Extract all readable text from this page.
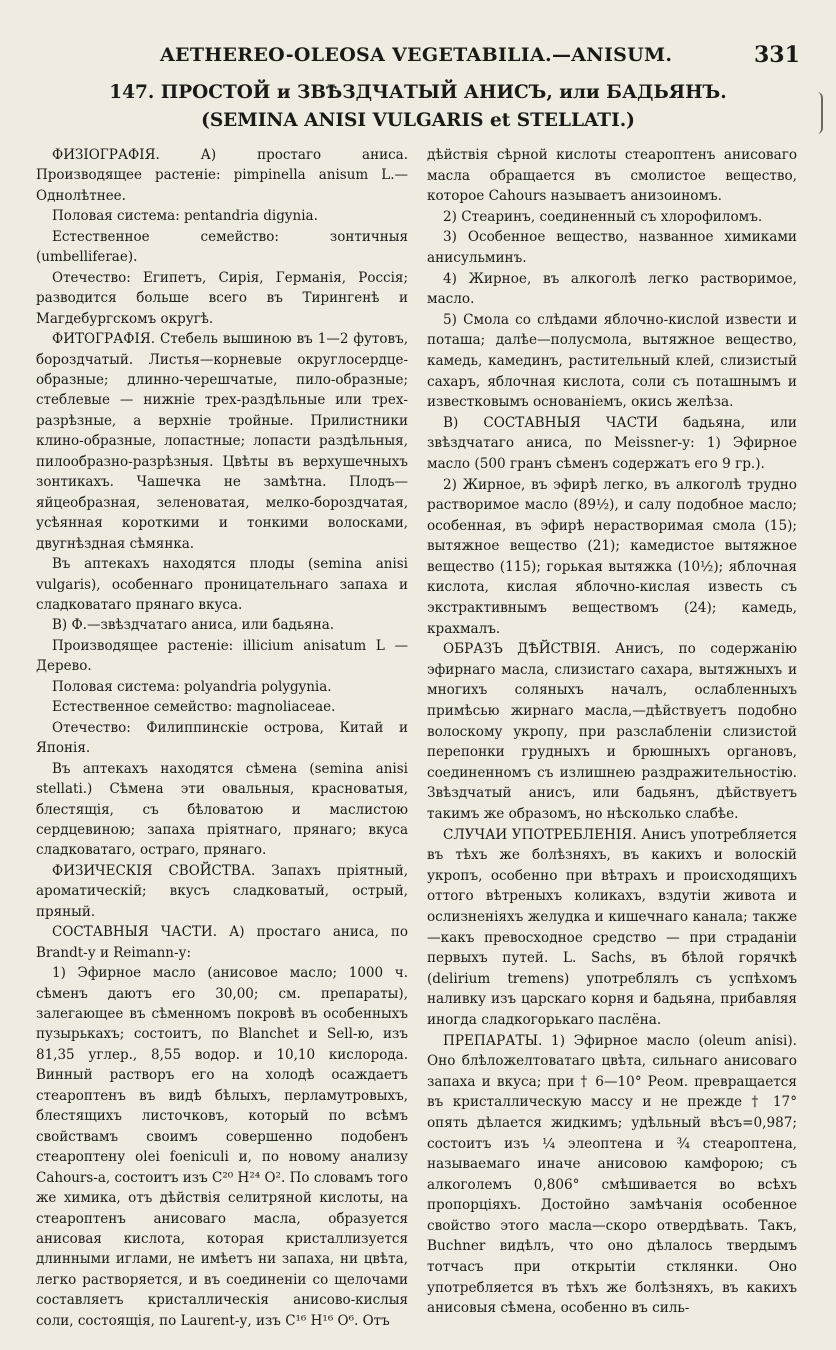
AETHEREO-OLEOSA VEGETABILIA.—ANISUM.	331
147. ПРОСТОЙ и ЗВѢЗДЧАТЫЙ АНИСЪ, или БАДЬЯНЪ.
(SEMINA ANISI VULGARIS et STELLATI.)

ФИЗІОГРАФІЯ. А) простаго аниса. Производящее растеніе: pimpinella anisum L.—Однолѣтнее.

Половая система: pentandria digynia.

Естественное семейство: зонтичныя (umbelliferae).

Отечество: Египетъ, Сирія, Германія, Россія; разводится больше всего въ Тирингенѣ и Магдебургскомъ округѣ.

ФИТОГРАФІЯ. Стебель вышиною въ 1—2 футовъ, бороздчатый. Листья—корневые округлосердце-образные; длинно-черешчатые, пило-образные; стеблевые — нижніе трех-раздѣльные или трех-разрѣзные, а верхніе тройные. Прилистники клино-образные, лопастные; лопасти раздѣльныя, пилообразно-разрѣзныя. Цвѣты въ верхушечныхъ зонтикахъ. Чашечка не замѣтна. Плодъ—яйцеобразная, зеленоватая, мелко-бороздчатая, усѣянная короткими и тонкими волосками, двугнѣздная сѣмянка.

Въ аптекахъ находятся плоды (semina anisi vulgaris), особеннаго проницательнаго запаха и сладковатаго прянаго вкуса.

В) Ф.—звѣздчатаго аниса, или бадьяна.

Производящее растеніе: illicium anisatum L — Дерево.

Половая система: polyandria polygynia.

Естественное семейство: magnoliaceae.

Отечество: Филиппинскіе острова, Китай и Японія.

Въ аптекахъ находятся сѣмена (semina anisi stellati.) Сѣмена эти овальныя, красноватыя, блестящія, съ бѣловатою и маслистою сердцевиною; запаха пріятнаго, прянаго; вкуса сладковатаго, остраго, прянаго.

ФИЗИЧЕСКІЯ СВОЙСТВА. Запахъ пріятный, ароматическій; вкусъ сладковатый, острый, пряный.

СОСТАВНЫЯ ЧАСТИ. А) простаго аниса, по Brandt-у и Reimann-у:

1) Эфирное масло (анисовое масло; 1000 ч. сѣменъ даютъ его 30,00; см. препараты), залегающее въ сѣменномъ покровѣ въ особенныхъ пузырькахъ; состоитъ, по Blanchet и Sell-ю, изъ 81,35 углер., 8,55 водор. и 10,10 кислорода. Винный растворъ его на холодѣ осаждаетъ стеароптенъ въ видѣ бѣлыхъ, перламутровыхъ, блестящихъ листочковъ, который по всѣмъ свойствамъ своимъ совершенно подобенъ стеароптену olei foeniculi и, по новому анализу Cahours-а, состоитъ изъ C²⁰ H²⁴ O². По словамъ того же химика, отъ дѣйствія селитряной кислоты, на стеароптенъ анисоваго масла, образуется анисовая кислота, которая кристаллизуется длинными иглами, не имѣетъ ни запаха, ни цвѣта, легко растворяется, и въ соединеніи со щелочами составляетъ кристаллическія анисово-кислыя соли, состоящія, по Laurent-у, изъ C¹⁶ H¹⁶ O⁶. Отъ

дѣйствія сѣрной кислоты стеароптенъ анисоваго масла обращается въ смолистое вещество, которое Cahours называетъ анизоиномъ.

2) Стеаринъ, соединенный съ хлорофиломъ.

3) Особенное вещество, названное химиками анисульминъ.

4) Жирное, въ алкоголѣ легко растворимое, масло.

5) Смола со слѣдами яблочно-кислой извести и поташа; далѣе—полусмола, вытяжное вещество, камедь, камединъ, растительный клей, слизистый сахаръ, яблочная кислота, соли съ поташнымъ и известковымъ основаніемъ, окись желѣза.

В) СОСТАВНЫЯ ЧАСТИ бадьяна, или звѣздчатаго аниса, по Meissner-у: 1) Эфирное масло (500 гранъ сѣменъ содержатъ его 9 гр.).

2) Жирное, въ эфирѣ легко, въ алкоголѣ трудно растворимое масло (89½), и салу подобное масло; особенная, въ эфирѣ нерастворимая смола (15); вытяжное вещество (21); камедистое вытяжное вещество (115); горькая вытяжка (10½); яблочная кислота, кислая яблочно-кислая известь съ экстрактивнымъ веществомъ (24); камедь, крахмалъ.

ОБРАЗЪ ДѢЙСТВІЯ. Анисъ, по содержанію эфирнаго масла, слизистаго сахара, вытяжныхъ и многихъ соляныхъ началъ, ослабленныхъ примѣсью жирнаго масла,—дѣйствуетъ подобно волоскому укропу, при разслабленіи слизистой перепонки грудныхъ и брюшныхъ органовъ, соединенномъ съ излишнею раздражительностію. Звѣздчатый анисъ, или бадьянъ, дѣйствуетъ такимъ же образомъ, но нѣсколько слабѣе.

СЛУЧАИ УПОТРЕБЛЕНІЯ. Анисъ употребляется въ тѣхъ же болѣзняхъ, въ какихъ и волоскій укропъ, особенно при вѣтрахъ и происходящихъ оттого вѣтреныхъ коликахъ, вздутіи живота и ослизненіяхъ желудка и кишечнаго канала; также—какъ превосходное средство — при страданіи первыхъ путей. L. Sachs, въ бѣлой горячкѣ (delirium tremens) употреблялъ съ успѣхомъ наливку изъ царскаго корня и бадьяна, прибавляя иногда сладкогорькаго паслёна.

ПРЕПАРАТЫ. 1) Эфирное масло (oleum anisi). Оно блѣложелтоватаго цвѣта, сильнаго анисоваго запаха и вкуса; при † 6—10° Реом. превращается въ кристаллическую массу и не прежде † 17° опять дѣлается жидкимъ; удѣльный вѣсъ=0,987; состоитъ изъ ¼ элеоптена и ¾ стеароптена, называемаго иначе анисовою камфорою; съ алкоголемъ 0,806° смѣшивается во всѣхъ пропорціяхъ. Достойно замѣчанія особенное свойство этого масла—скоро отвердѣвать. Такъ, Buchner видѣлъ, что оно дѣлалось твердымъ тотчасъ при открытіи стклянки. Оно употребляется въ тѣхъ же болѣзняхъ, въ какихъ анисовыя сѣмена, особенно въ силь-
